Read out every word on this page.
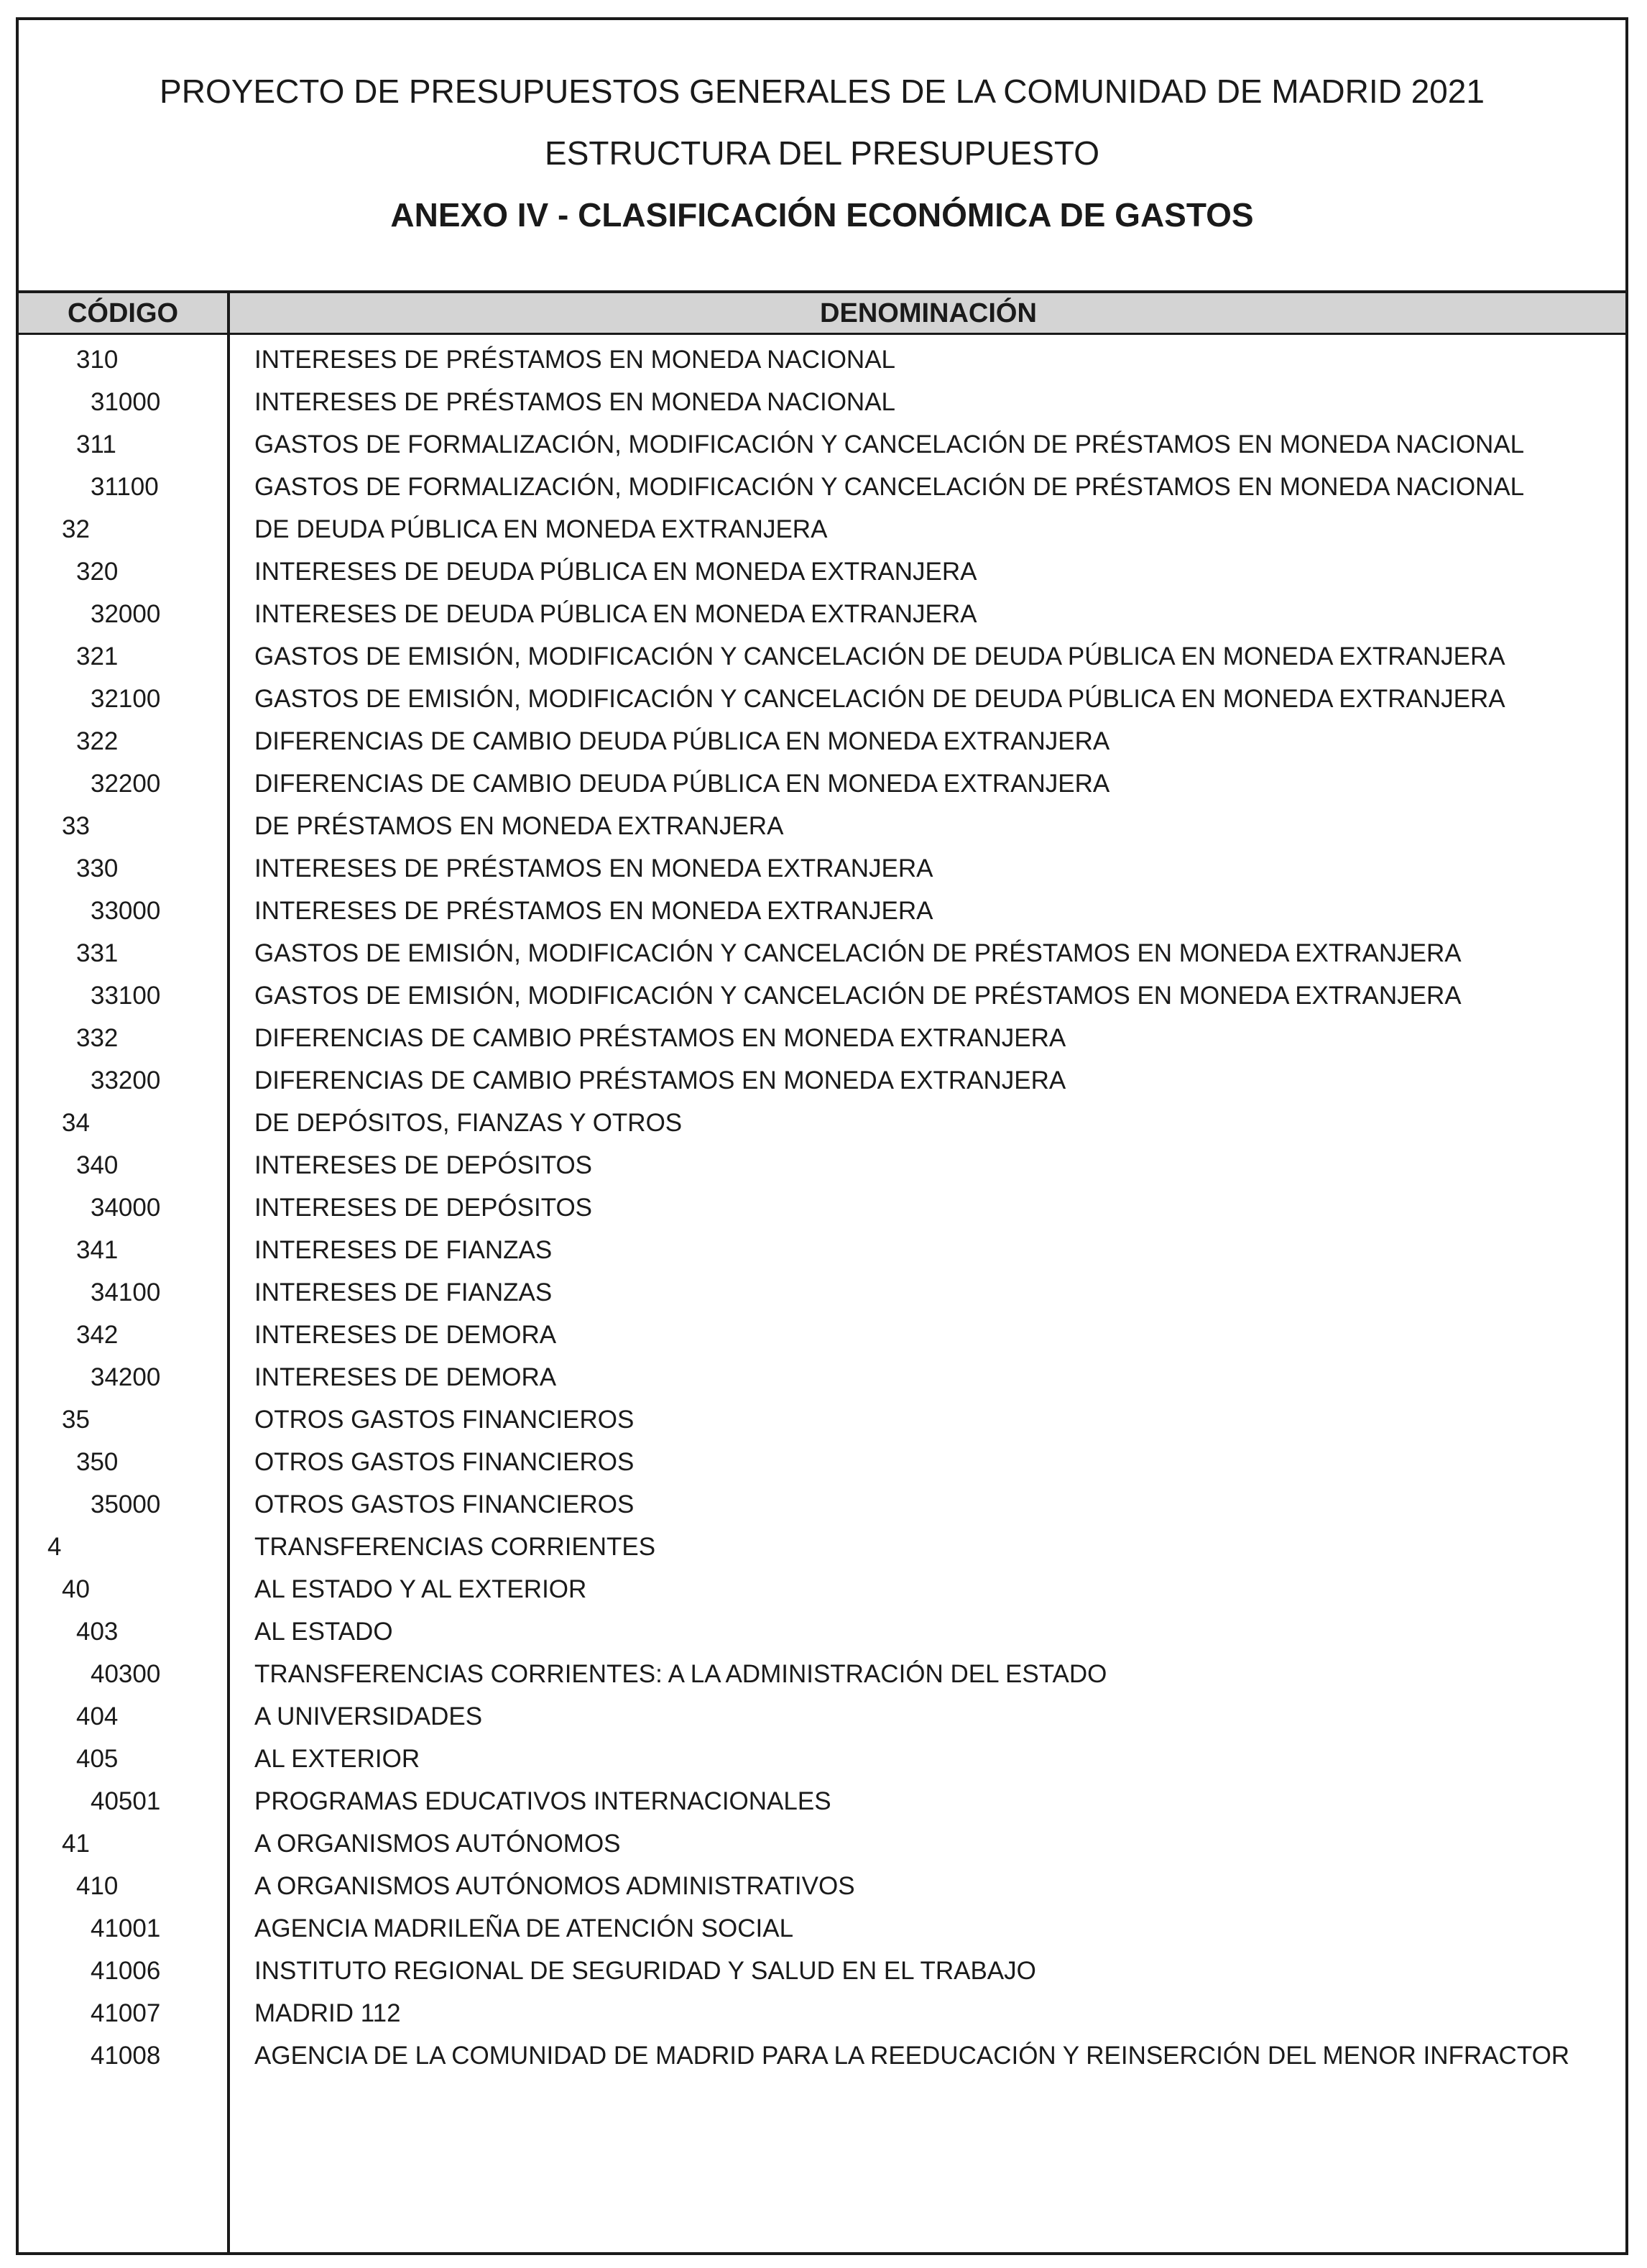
PROYECTO DE PRESUPUESTOS GENERALES DE LA COMUNIDAD DE MADRID 2021
ESTRUCTURA DEL PRESUPUESTO
ANEXO IV - CLASIFICACIÓN ECONÓMICA DE GASTOS
CÓDIGO	DENOMINACIÓN
310	INTERESES DE PRÉSTAMOS EN MONEDA NACIONAL
31000	INTERESES DE PRÉSTAMOS EN MONEDA NACIONAL
311	GASTOS DE FORMALIZACIÓN, MODIFICACIÓN Y CANCELACIÓN DE PRÉSTAMOS EN MONEDA NACIONAL
31100	GASTOS DE FORMALIZACIÓN, MODIFICACIÓN Y CANCELACIÓN DE PRÉSTAMOS EN MONEDA NACIONAL
32	DE DEUDA PÚBLICA EN MONEDA EXTRANJERA
320	INTERESES DE DEUDA PÚBLICA EN MONEDA EXTRANJERA
32000	INTERESES DE DEUDA PÚBLICA EN MONEDA EXTRANJERA
321	GASTOS DE EMISIÓN, MODIFICACIÓN Y CANCELACIÓN DE DEUDA PÚBLICA EN MONEDA EXTRANJERA
32100	GASTOS DE EMISIÓN, MODIFICACIÓN Y CANCELACIÓN DE DEUDA PÚBLICA EN MONEDA EXTRANJERA
322	DIFERENCIAS DE CAMBIO DEUDA PÚBLICA EN MONEDA EXTRANJERA
32200	DIFERENCIAS DE CAMBIO DEUDA PÚBLICA EN MONEDA EXTRANJERA
33	DE PRÉSTAMOS EN MONEDA EXTRANJERA
330	INTERESES DE PRÉSTAMOS EN MONEDA EXTRANJERA
33000	INTERESES DE PRÉSTAMOS EN MONEDA EXTRANJERA
331	GASTOS DE EMISIÓN, MODIFICACIÓN Y CANCELACIÓN DE PRÉSTAMOS EN MONEDA EXTRANJERA
33100	GASTOS DE EMISIÓN, MODIFICACIÓN Y CANCELACIÓN DE PRÉSTAMOS EN MONEDA EXTRANJERA
332	DIFERENCIAS DE CAMBIO PRÉSTAMOS EN MONEDA EXTRANJERA
33200	DIFERENCIAS DE CAMBIO PRÉSTAMOS EN MONEDA EXTRANJERA
34	DE DEPÓSITOS, FIANZAS Y OTROS
340	INTERESES DE DEPÓSITOS
34000	INTERESES DE DEPÓSITOS
341	INTERESES DE FIANZAS
34100	INTERESES DE FIANZAS
342	INTERESES DE DEMORA
34200	INTERESES DE DEMORA
35	OTROS GASTOS FINANCIEROS
350	OTROS GASTOS FINANCIEROS
35000	OTROS GASTOS FINANCIEROS
4	TRANSFERENCIAS CORRIENTES
40	AL ESTADO Y AL EXTERIOR
403	AL ESTADO
40300	TRANSFERENCIAS CORRIENTES: A LA ADMINISTRACIÓN DEL ESTADO
404	A UNIVERSIDADES
405	AL EXTERIOR
40501	PROGRAMAS EDUCATIVOS INTERNACIONALES
41	A ORGANISMOS AUTÓNOMOS
410	A ORGANISMOS AUTÓNOMOS ADMINISTRATIVOS
41001	AGENCIA MADRILEÑA DE ATENCIÓN SOCIAL
41006	INSTITUTO REGIONAL DE SEGURIDAD Y SALUD EN EL TRABAJO
41007	MADRID 112
41008	AGENCIA DE LA COMUNIDAD DE MADRID PARA LA REEDUCACIÓN Y REINSERCIÓN DEL MENOR INFRACTOR
